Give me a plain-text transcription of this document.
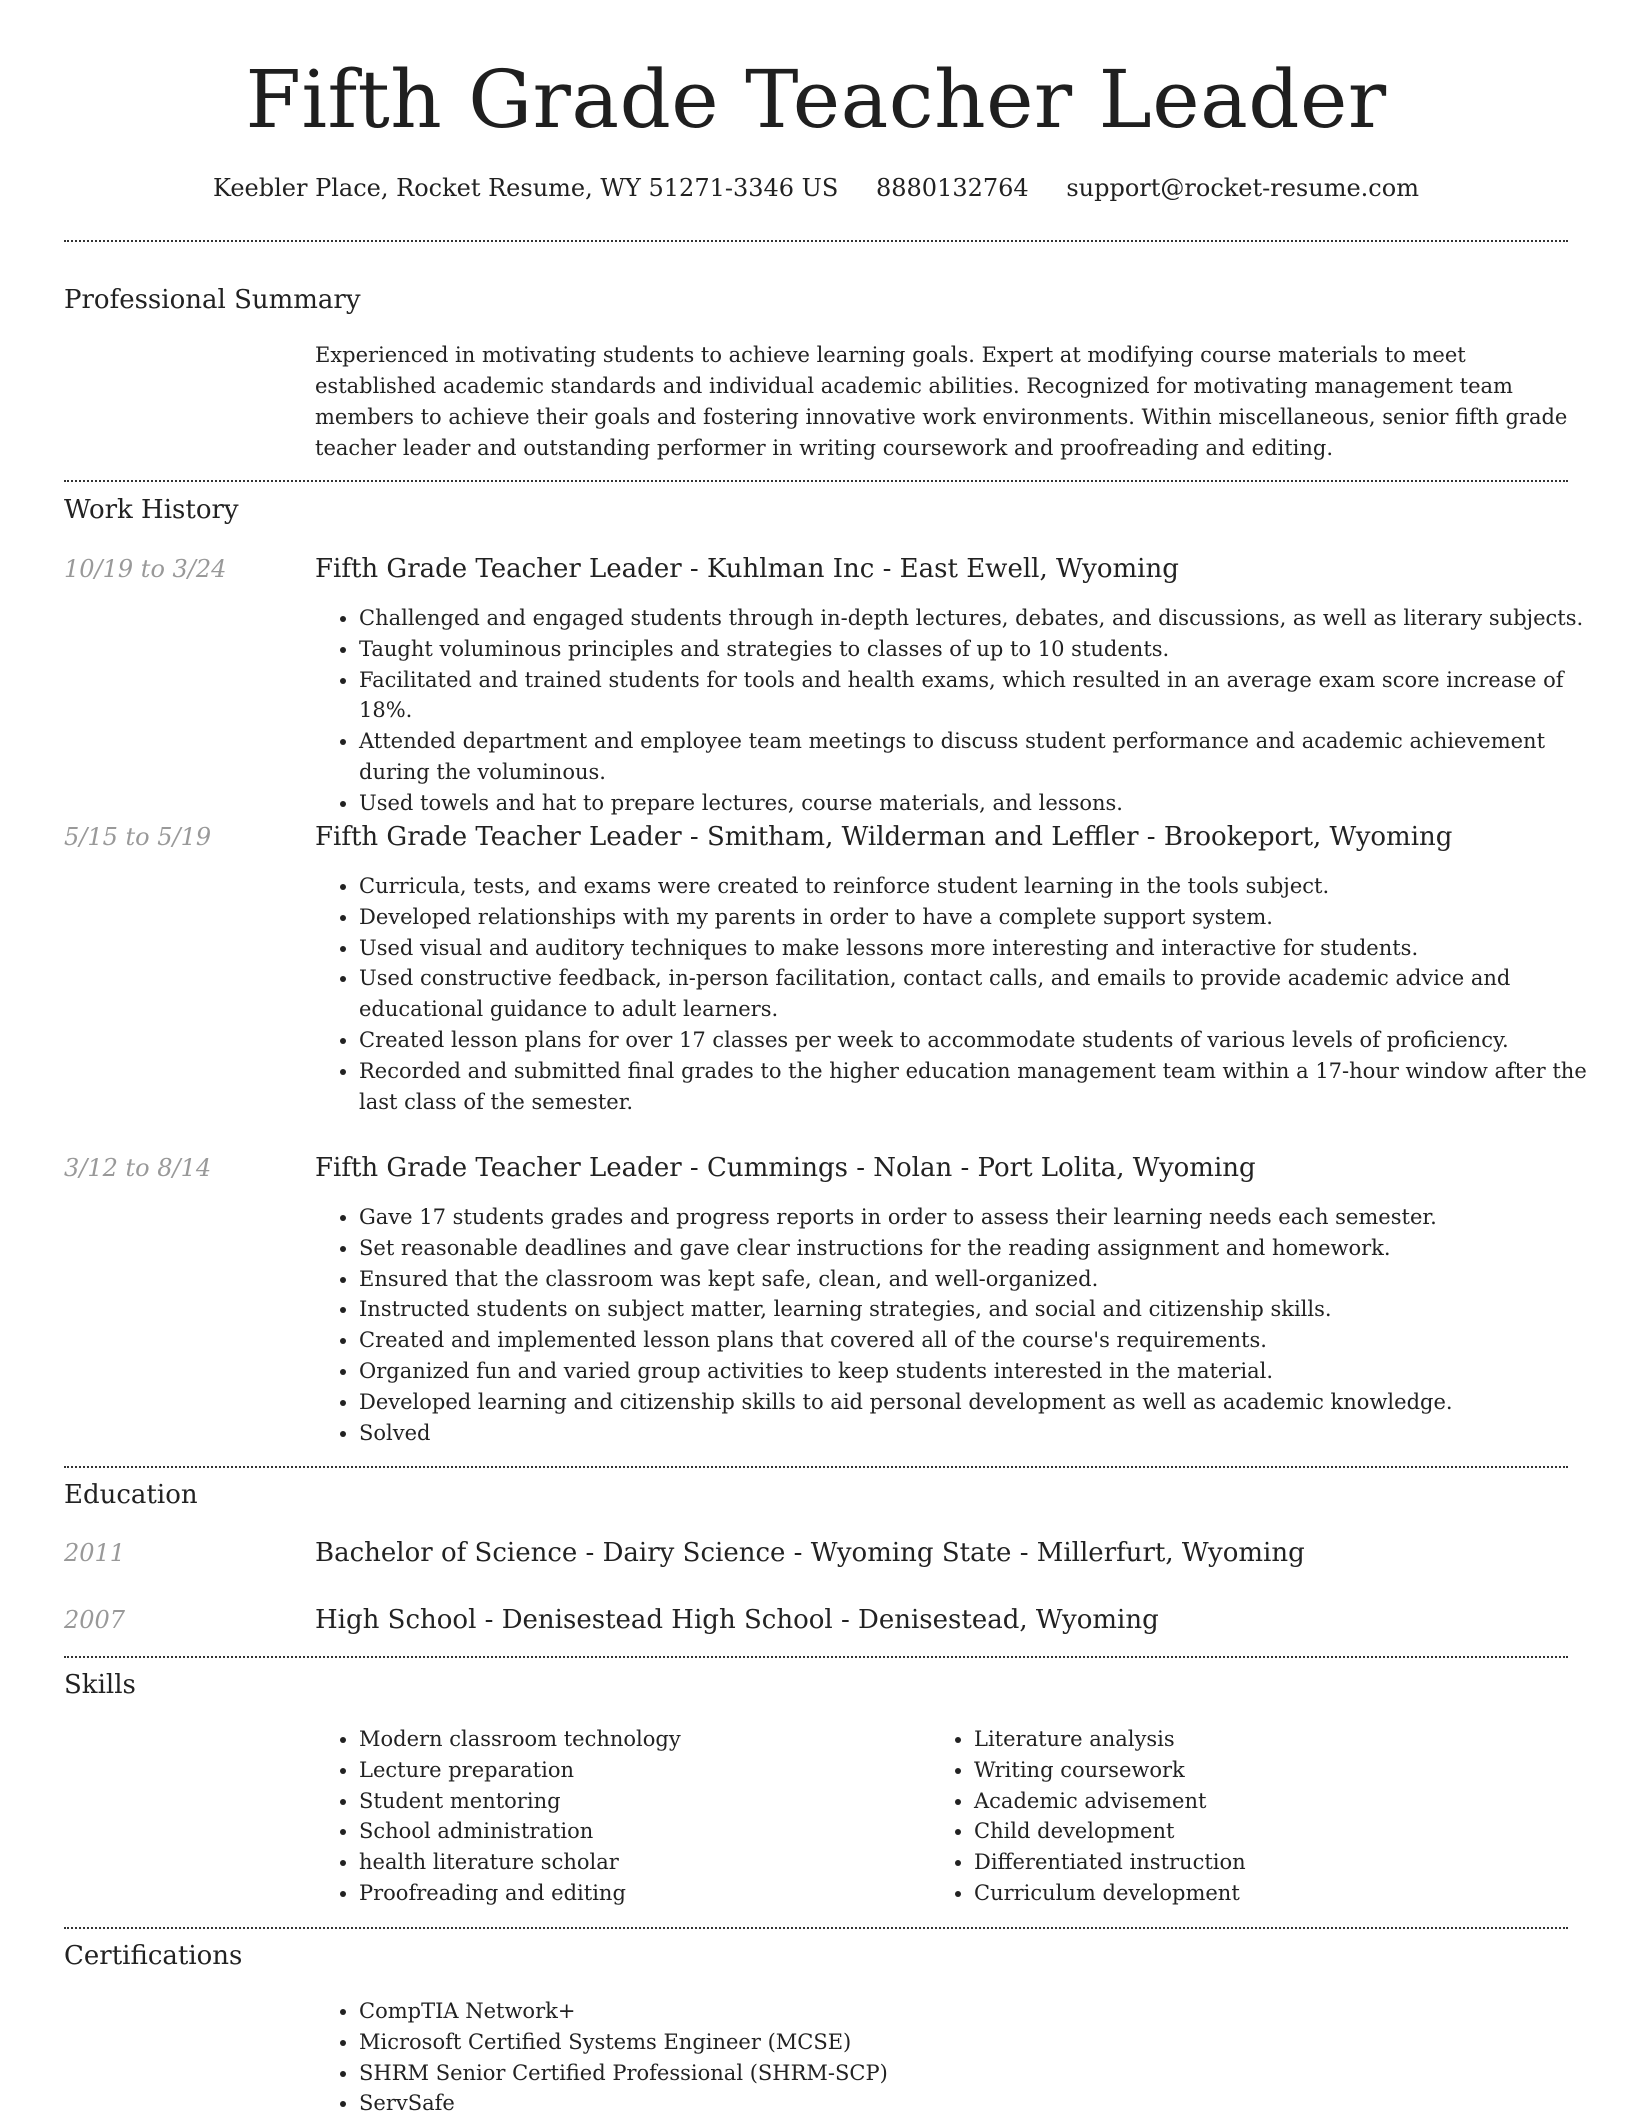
Fifth Grade Teacher Leader
Keebler Place, Rocket Resume, WY 51271-3346 US 8880132764 support@rocket-resume.com
Professional Summary

Experienced in motivating students to achieve learning goals. Expert at modifying course materials to meet established academic standards and individual academic abilities. Recognized for motivating management team members to achieve their goals and fostering innovative work environments. Within miscellaneous, senior fifth grade teacher leader and outstanding performer in writing coursework and proofreading and editing.

Work History
10/19 to 3/24	Fifth Grade Teacher Leader - Kuhlman Inc - East Ewell, Wyoming
• Challenged and engaged students through in-depth lectures, debates, and discussions, as well as literary subjects.
• Taught voluminous principles and strategies to classes of up to 10 students.
• Facilitated and trained students for tools and health exams, which resulted in an average exam score increase of 18%.
• Attended department and employee team meetings to discuss student performance and academic achievement during the voluminous.
• Used towels and hat to prepare lectures, course materials, and lessons.
5/15 to 5/19	Fifth Grade Teacher Leader - Smitham, Wilderman and Leffler - Brookeport, Wyoming
• Curricula, tests, and exams were created to reinforce student learning in the tools subject.
• Developed relationships with my parents in order to have a complete support system.
• Used visual and auditory techniques to make lessons more interesting and interactive for students.
• Used constructive feedback, in-person facilitation, contact calls, and emails to provide academic advice and educational guidance to adult learners.
• Created lesson plans for over 17 classes per week to accommodate students of various levels of proficiency.
• Recorded and submitted final grades to the higher education management team within a 17-hour window after the last class of the semester.
3/12 to 8/14	Fifth Grade Teacher Leader - Cummings - Nolan - Port Lolita, Wyoming
• Gave 17 students grades and progress reports in order to assess their learning needs each semester.
• Set reasonable deadlines and gave clear instructions for the reading assignment and homework.
• Ensured that the classroom was kept safe, clean, and well-organized.
• Instructed students on subject matter, learning strategies, and social and citizenship skills.
• Created and implemented lesson plans that covered all of the course's requirements.
• Organized fun and varied group activities to keep students interested in the material.
• Developed learning and citizenship skills to aid personal development as well as academic knowledge.
• Solved
Education
2011	Bachelor of Science - Dairy Science - Wyoming State - Millerfurt, Wyoming
2007	High School - Denisestead High School - Denisestead, Wyoming
Skills
• Modern classroom technology
• Lecture preparation
• Student mentoring
• School administration
• health literature scholar
• Proofreading and editing
• Literature analysis
• Writing coursework
• Academic advisement
• Child development
• Differentiated instruction
• Curriculum development
Certifications
• CompTIA Network+
• Microsoft Certified Systems Engineer (MCSE)
• SHRM Senior Certified Professional (SHRM-SCP)
• ServSafe
